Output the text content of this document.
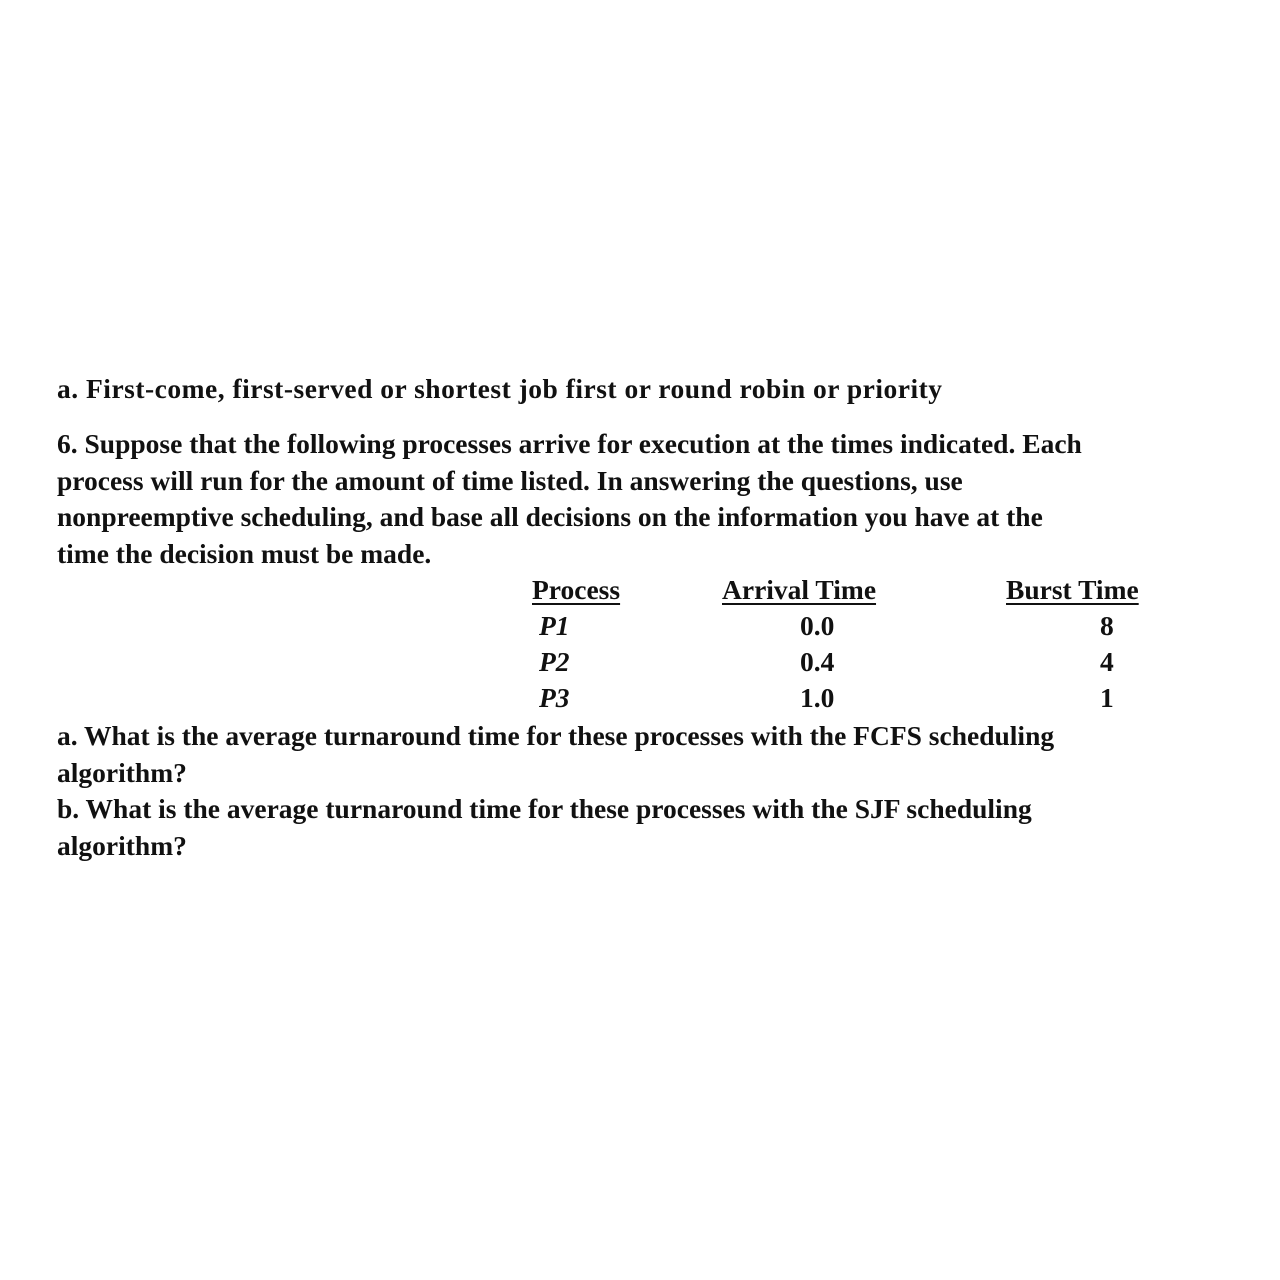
a. First-come, first-served or shortest job first or round robin or priority
6. Suppose that the following processes arrive for execution at the times indicated. Each
process will run for the amount of time listed. In answering the questions, use
nonpreemptive scheduling, and base all decisions on the information you have at the
time the decision must be made.
Process	Arrival Time	Burst Time
P1	0.0	8
P2	0.4	4
P3	1.0	1
a. What is the average turnaround time for these processes with the FCFS scheduling
algorithm?
b. What is the average turnaround time for these processes with the SJF scheduling
algorithm?
